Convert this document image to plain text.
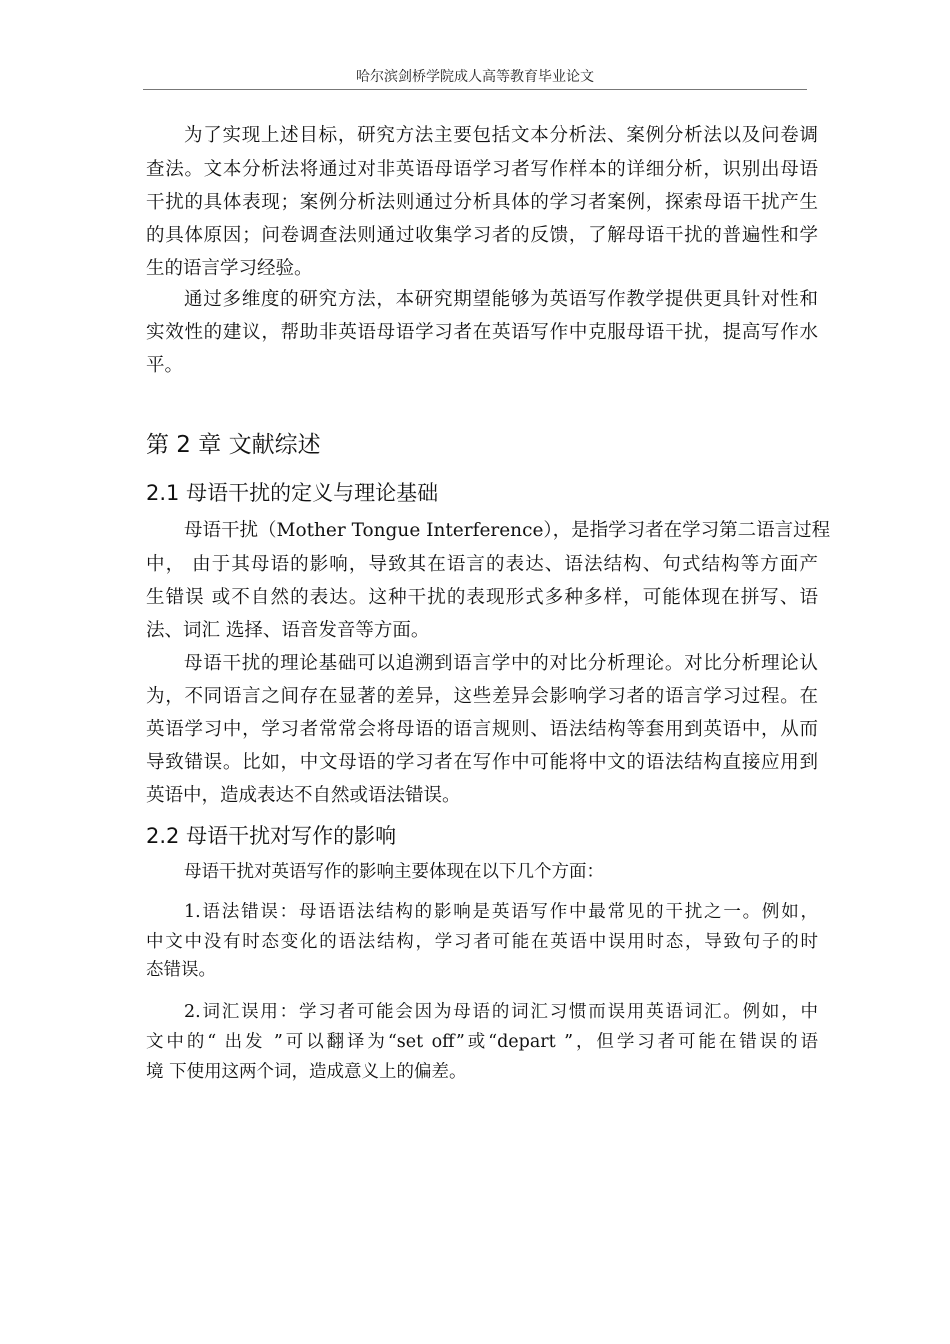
哈尔滨剑桥学院成人高等教育毕业论文
为了实现上述目标，研究方法主要包括文本分析法、案例分析法以及问卷调
查法。文本分析法将通过对非英语母语学习者写作样本的详细分析，识别出母语
干扰的具体表现；案例分析法则通过分析具体的学习者案例，探索母语干扰产生
的具体原因；问卷调查法则通过收集学习者的反馈，了解母语干扰的普遍性和学
生的语言学习经验。
通过多维度的研究方法，本研究期望能够为英语写作教学提供更具针对性和
实效性的建议，帮助非英语母语学习者在英语写作中克服母语干扰，提高写作水
平。
母语干扰（Mother Tongue Interference），是指学习者在学习第二语言过程
中， 由于其母语的影响，导致其在语言的表达、语法结构、句式结构等方面产
生错误 或不自然的表达。这种干扰的表现形式多种多样，可能体现在拼写、语
法、词汇 选择、语音发音等方面。
母语干扰的理论基础可以追溯到语言学中的对比分析理论。对比分析理论认
为，不同语言之间存在显著的差异，这些差异会影响学习者的语言学习过程。在
英语学习中，学习者常常会将母语的语言规则、语法结构等套用到英语中，从而
导致错误。比如，中文母语的学习者在写作中可能将中文的语法结构直接应用到
英语中，造成表达不自然或语法错误。
母语干扰对英语写作的影响主要体现在以下几个方面：
1.语法错误：母语语法结构的影响是英语写作中最常见的干扰之一。例如，
中文中没有时态变化的语法结构，学习者可能在英语中误用时态，导致句子的时
态错误。
2.词汇误用：学习者可能会因为母语的词汇习惯而误用英语词汇。例如，中
文中的“ 出发 ”可以翻译为“set off”或“depart ”，但学习者可能在错误的语
境 下使用这两个词，造成意义上的偏差。
第 2 章 文献综述
2.1 母语干扰的定义与理论基础
2.2 母语干扰对写作的影响
